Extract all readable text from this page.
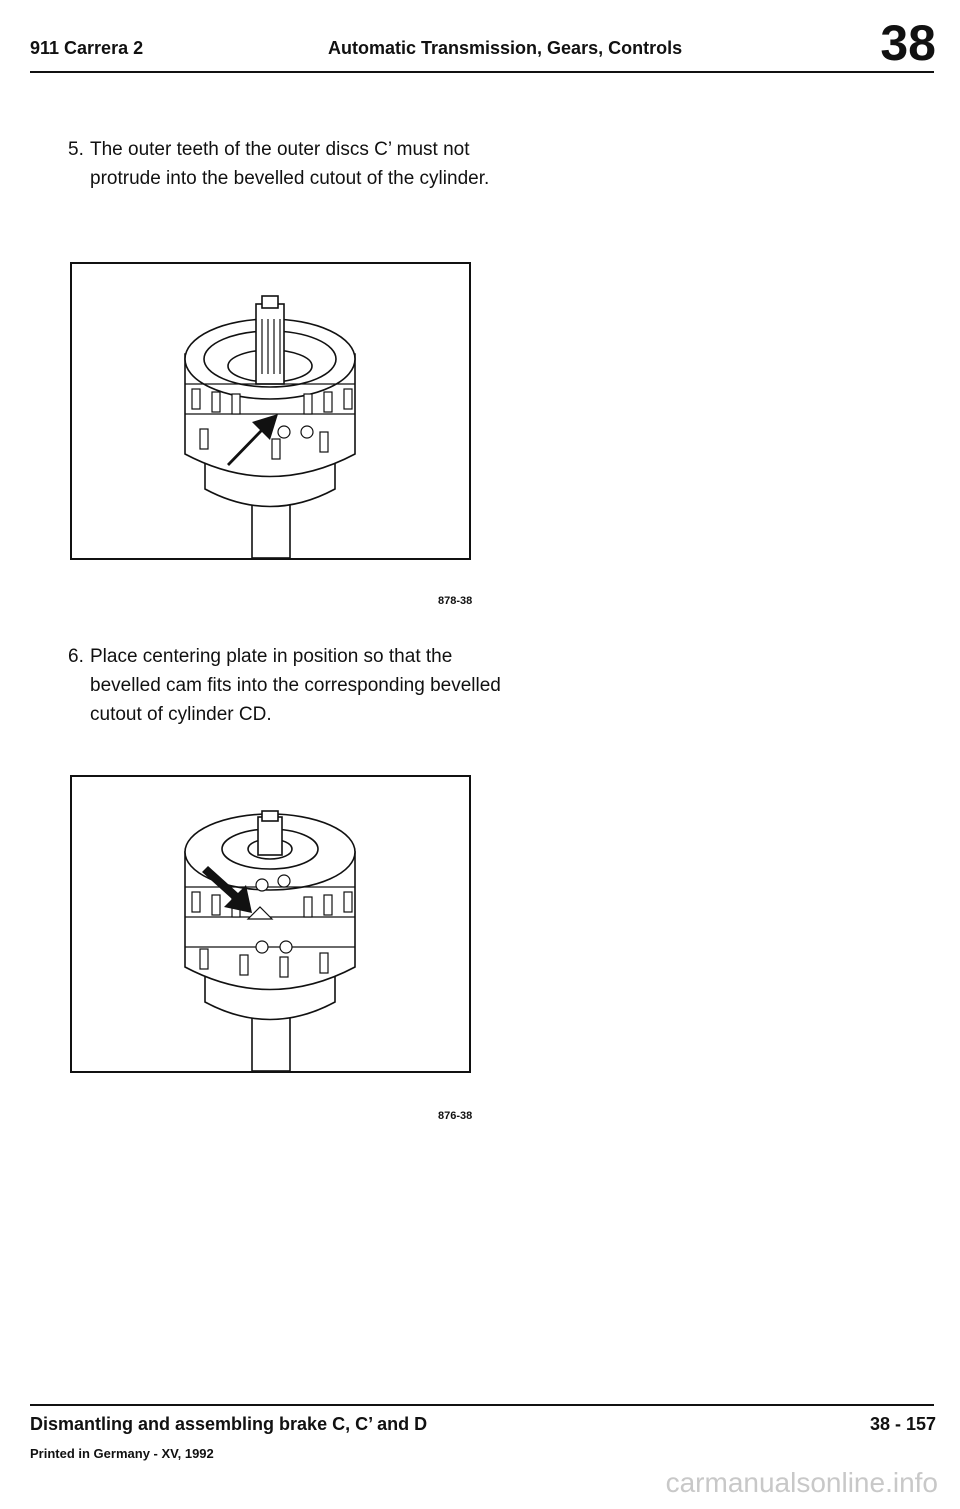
911 Carrera 2	Automatic Transmission, Gears, Controls	38
5. The outer teeth of the outer discs C’ must not protrude into the bevelled cutout of the cylinder.
878-38
6. Place centering plate in position so that the bevelled cam fits into the corresponding bevelled cutout of cylinder CD.
876-38
Dismantling and assembling brake C, C’ and D	38 - 157
Printed in Germany - XV, 1992
carmanualsonline.info
